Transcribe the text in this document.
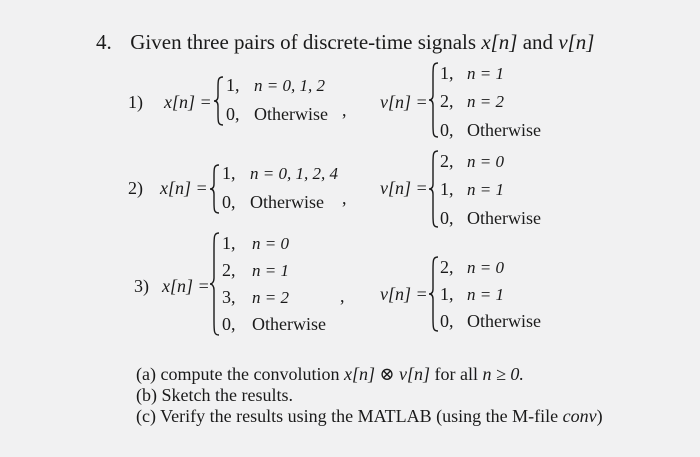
4. Given three pairs of discrete-time signals x[n] and v[n]
1) x[n] =
1, n = 0, 1, 2
0, Otherwise , v[n] =
1, n = 1
2, n = 2
0, Otherwise
2) x[n] =
1, n = 0, 1, 2, 4
0, Otherwise , v[n] =
2, n = 0
1, n = 1
0, Otherwise
3) x[n] =
1, n = 0
2, n = 1
3, n = 2
0, Otherwise
, v[n] =
2, n = 0
1, n = 1
0, Otherwise
(a) compute the convolution x[n] ⊗ v[n] for all n ≥ 0.
(b) Sketch the results.
(c) Verify the results using the MATLAB (using the M-file conv)
